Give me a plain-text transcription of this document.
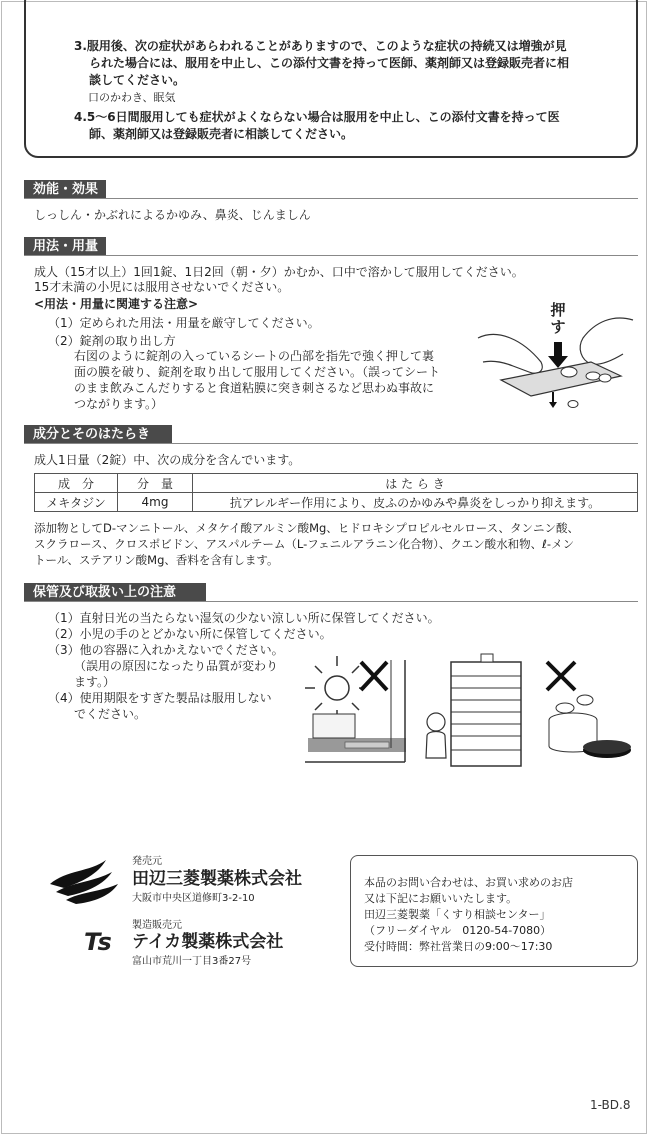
3.服用後、次の症状があらわれることがありますので、このような症状の持続又は増強が見
られた場合には、服用を中止し、この添付文書を持って医師、薬剤師又は登録販売者に相
談してください。
口のかわき、眠気
4.5〜6日間服用しても症状がよくならない場合は服用を中止し、この添付文書を持って医
師、薬剤師又は登録販売者に相談してください。
効能・効果
しっしん・かぶれによるかゆみ、鼻炎、じんましん
用法・用量
成人（15才以上）1回1錠、1日2回（朝・夕）かむか、口中で溶かして服用してください。
15才未満の小児には服用させないでください。
<用法・用量に関連する注意>
（1）定められた用法・用量を厳守してください。
（2）錠剤の取り出し方
右図のように錠剤の入っているシートの凸部を指先で強く押して裏
面の膜を破り、錠剤を取り出して服用してください。（誤ってシート
のまま飲みこんだりすると食道粘膜に突き刺さるなど思わぬ事故に
つながります。）
押す
成分とそのはたらき
成人1日量（2錠）中、次の成分を含んでいます。
成　分	分　量	は た ら き
メキタジン	4mg	抗アレルギー作用により、皮ふのかゆみや鼻炎をしっかり抑えます。
添加物としてD-マンニトール、メタケイ酸アルミン酸Mg、ヒドロキシプロピルセルロース、タンニン酸、
スクラロース、クロスポビドン、アスパルテーム（L-フェニルアラニン化合物）、クエン酸水和物、ℓ-メン
トール、ステアリン酸Mg、香料を含有します。
保管及び取扱い上の注意
（1）直射日光の当たらない湿気の少ない涼しい所に保管してください。
（2）小児の手のとどかない所に保管してください。
（3）他の容器に入れかえないでください。
（誤用の原因になったり品質が変わり
ます。）
（4）使用期限をすぎた製品は服用しない
でください。
発売元
田辺三菱製薬株式会社
大阪市中央区道修町3-2-10
Ts
製造販売元
テイカ製薬株式会社
富山市荒川一丁目3番27号
本品のお問い合わせは、お買い求めのお店
又は下記にお願いいたします。
田辺三菱製薬「くすり相談センター」
（フリーダイヤル　0120-54-7080）
受付時間：弊社営業日の9:00〜17:30
1-BD.8
